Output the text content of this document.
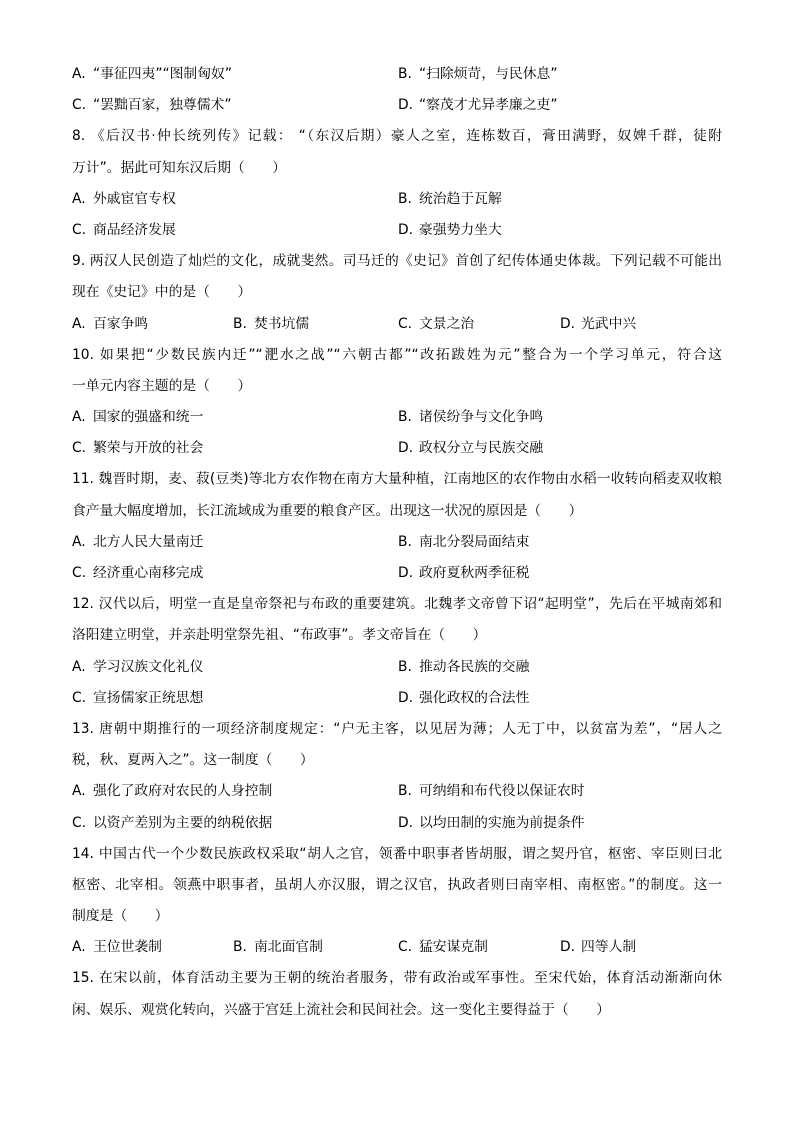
A. “事征四夷”“图制匈奴”	B. “扫除烦苛，与民休息”
C. “罢黜百家，独尊儒术”	D. “察茂才尤异孝廉之吏”
8. 《后汉书·仲长统列传》记载： “（东汉后期）豪人之室，连栋数百，膏田满野，奴婢千群，徒附
万计”。据此可知东汉后期（　　）
A. 外戚宦官专权	B. 统治趋于瓦解
C. 商品经济发展	D. 豪强势力坐大
9. 两汉人民创造了灿烂的文化，成就斐然。司马迁的《史记》首创了纪传体通史体裁。下列记载不可能出
现在《史记》中的是（　　）
A. 百家争鸣	B. 焚书坑儒	C. 文景之治	D. 光武中兴
10. 如果把“少数民族内迁”“淝水之战”“六朝古都”“改拓跋姓为元”整合为一个学习单元，符合这
一单元内容主题的是（　　）
A. 国家的强盛和统一	B. 诸侯纷争与文化争鸣
C. 繁荣与开放的社会	D. 政权分立与民族交融
11. 魏晋时期，麦、菽(豆类)等北方农作物在南方大量种植，江南地区的农作物由水稻一收转向稻麦双收粮
食产量大幅度增加，长江流域成为重要的粮食产区。出现这一状况的原因是（　　）
A. 北方人民大量南迁	B. 南北分裂局面结束
C. 经济重心南移完成	D. 政府夏秋两季征税
12. 汉代以后，明堂一直是皇帝祭祀与布政的重要建筑。北魏孝文帝曾下诏“起明堂”，先后在平城南郊和
洛阳建立明堂，并亲赴明堂祭先祖、“布政事”。孝文帝旨在（　　）
A. 学习汉族文化礼仪	B. 推动各民族的交融
C. 宣扬儒家正统思想	D. 强化政权的合法性
13. 唐朝中期推行的一项经济制度规定：“户无主客，以见居为薄；人无丁中，以贫富为差”，“居人之
税，秋、夏两入之”。这一制度（　　）
A. 强化了政府对农民的人身控制	B. 可纳绢和布代役以保证农时
C. 以资产差别为主要的纳税依据	D. 以均田制的实施为前提条件
14. 中国古代一个少数民族政权采取“胡人之官，领番中职事者皆胡服，谓之契丹官，枢密、宰臣则曰北
枢密、北宰相。领燕中职事者，虽胡人亦汉服，谓之汉官，执政者则曰南宰相、南枢密。”的制度。这一
制度是（　　）
A. 王位世袭制	B. 南北面官制	C. 猛安谋克制	D. 四等人制
15. 在宋以前，体育活动主要为王朝的统治者服务，带有政治或军事性。至宋代始，体育活动渐渐向休
闲、娱乐、观赏化转向，兴盛于宫廷上流社会和民间社会。这一变化主要得益于（　　）
